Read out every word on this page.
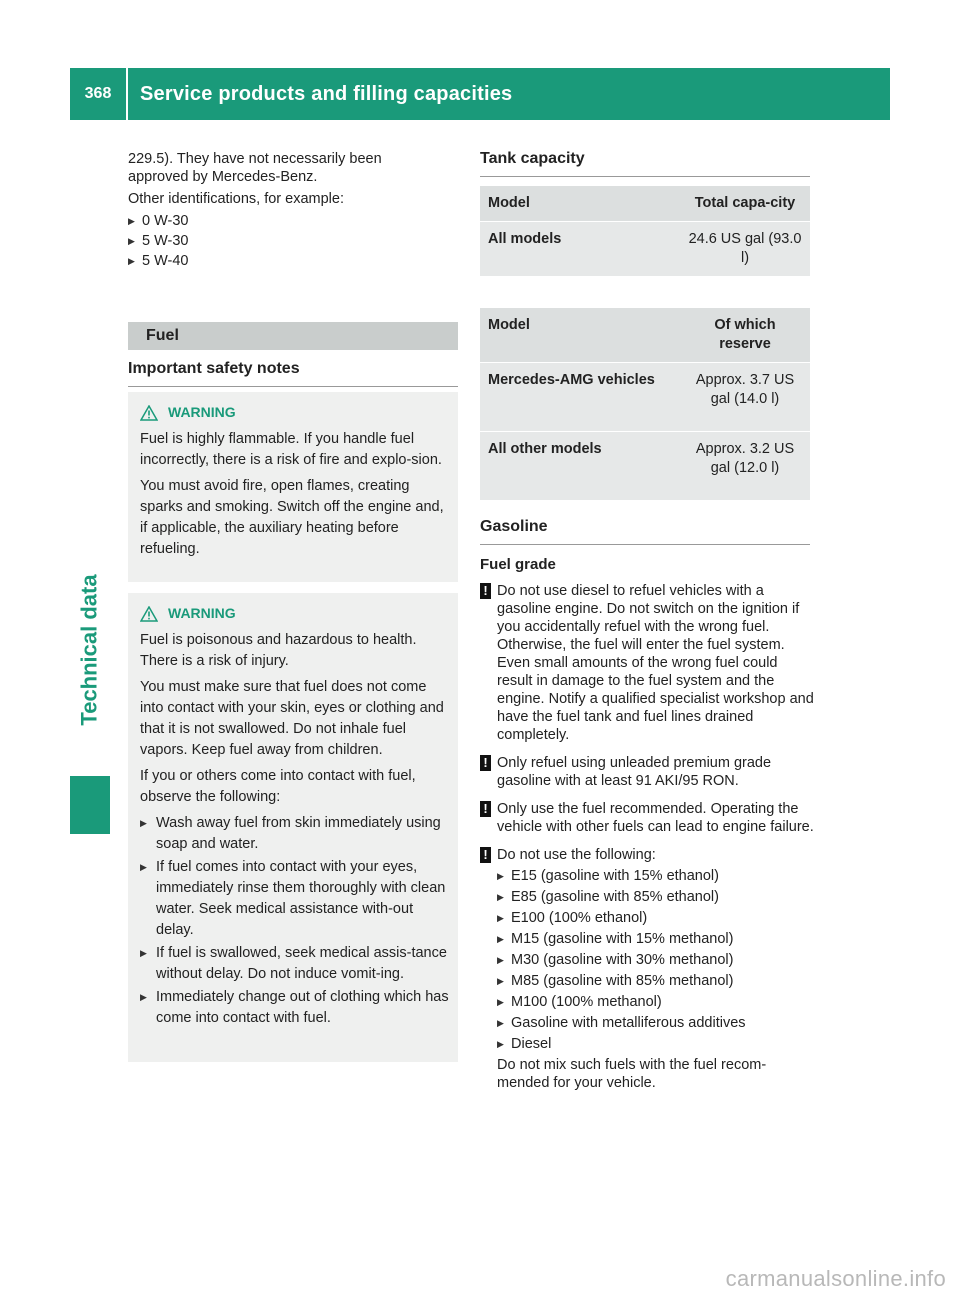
368	Service products and filling capacities
Technical data

229.5). They have not necessarily been
approved by Mercedes-Benz.

Other identifications, for example:

▶ 0 W-30
▶ 5 W-30
▶ 5 W-40
Fuel
Important safety notes
WARNING

Fuel is highly flammable. If you handle fuel incorrectly, there is a risk of fire and explo-sion.

You must avoid fire, open flames, creating sparks and smoking. Switch off the engine and, if applicable, the auxiliary heating before refueling.

WARNING

Fuel is poisonous and hazardous to health. There is a risk of injury.

You must make sure that fuel does not come into contact with your skin, eyes or clothing and that it is not swallowed. Do not inhale fuel vapors. Keep fuel away from children.

If you or others come into contact with fuel, observe the following:

▶ Wash away fuel from skin immediately using soap and water.
▶ If fuel comes into contact with your eyes, immediately rinse them thoroughly with clean water. Seek medical assistance with-out delay.
▶ If fuel is swallowed, seek medical assis-tance without delay. Do not induce vomit-ing.
▶ Immediately change out of clothing which has come into contact with fuel.
Tank capacity
Model	Total capa-city
All models	24.6 US gal (93.0 l)
Model	Of which reserve
Mercedes-AMG vehicles	Approx. 3.7 US gal (14.0 l)
All other models	Approx. 3.2 US gal (12.0 l)
Gasoline
Fuel grade
! Do not use diesel to refuel vehicles with a gasoline engine. Do not switch on the ignition if you accidentally refuel with the wrong fuel. Otherwise, the fuel will enter the fuel system. Even small amounts of the wrong fuel could result in damage to the fuel system and the engine. Notify a qualified specialist workshop and have the fuel tank and fuel lines drained completely.
! Only refuel using unleaded premium grade gasoline with at least 91 AKI/95 RON.
! Only use the fuel recommended. Operating the vehicle with other fuels can lead to engine failure.
! Do not use the following:
▶ E15 (gasoline with 15% ethanol)
▶ E85 (gasoline with 85% ethanol)
▶ E100 (100% ethanol)
▶ M15 (gasoline with 15% methanol)
▶ M30 (gasoline with 30% methanol)
▶ M85 (gasoline with 85% methanol)
▶ M100 (100% methanol)
▶ Gasoline with metalliferous additives
▶ Diesel
Do not mix such fuels with the fuel recom-mended for your vehicle.
carmanualsonline.info
